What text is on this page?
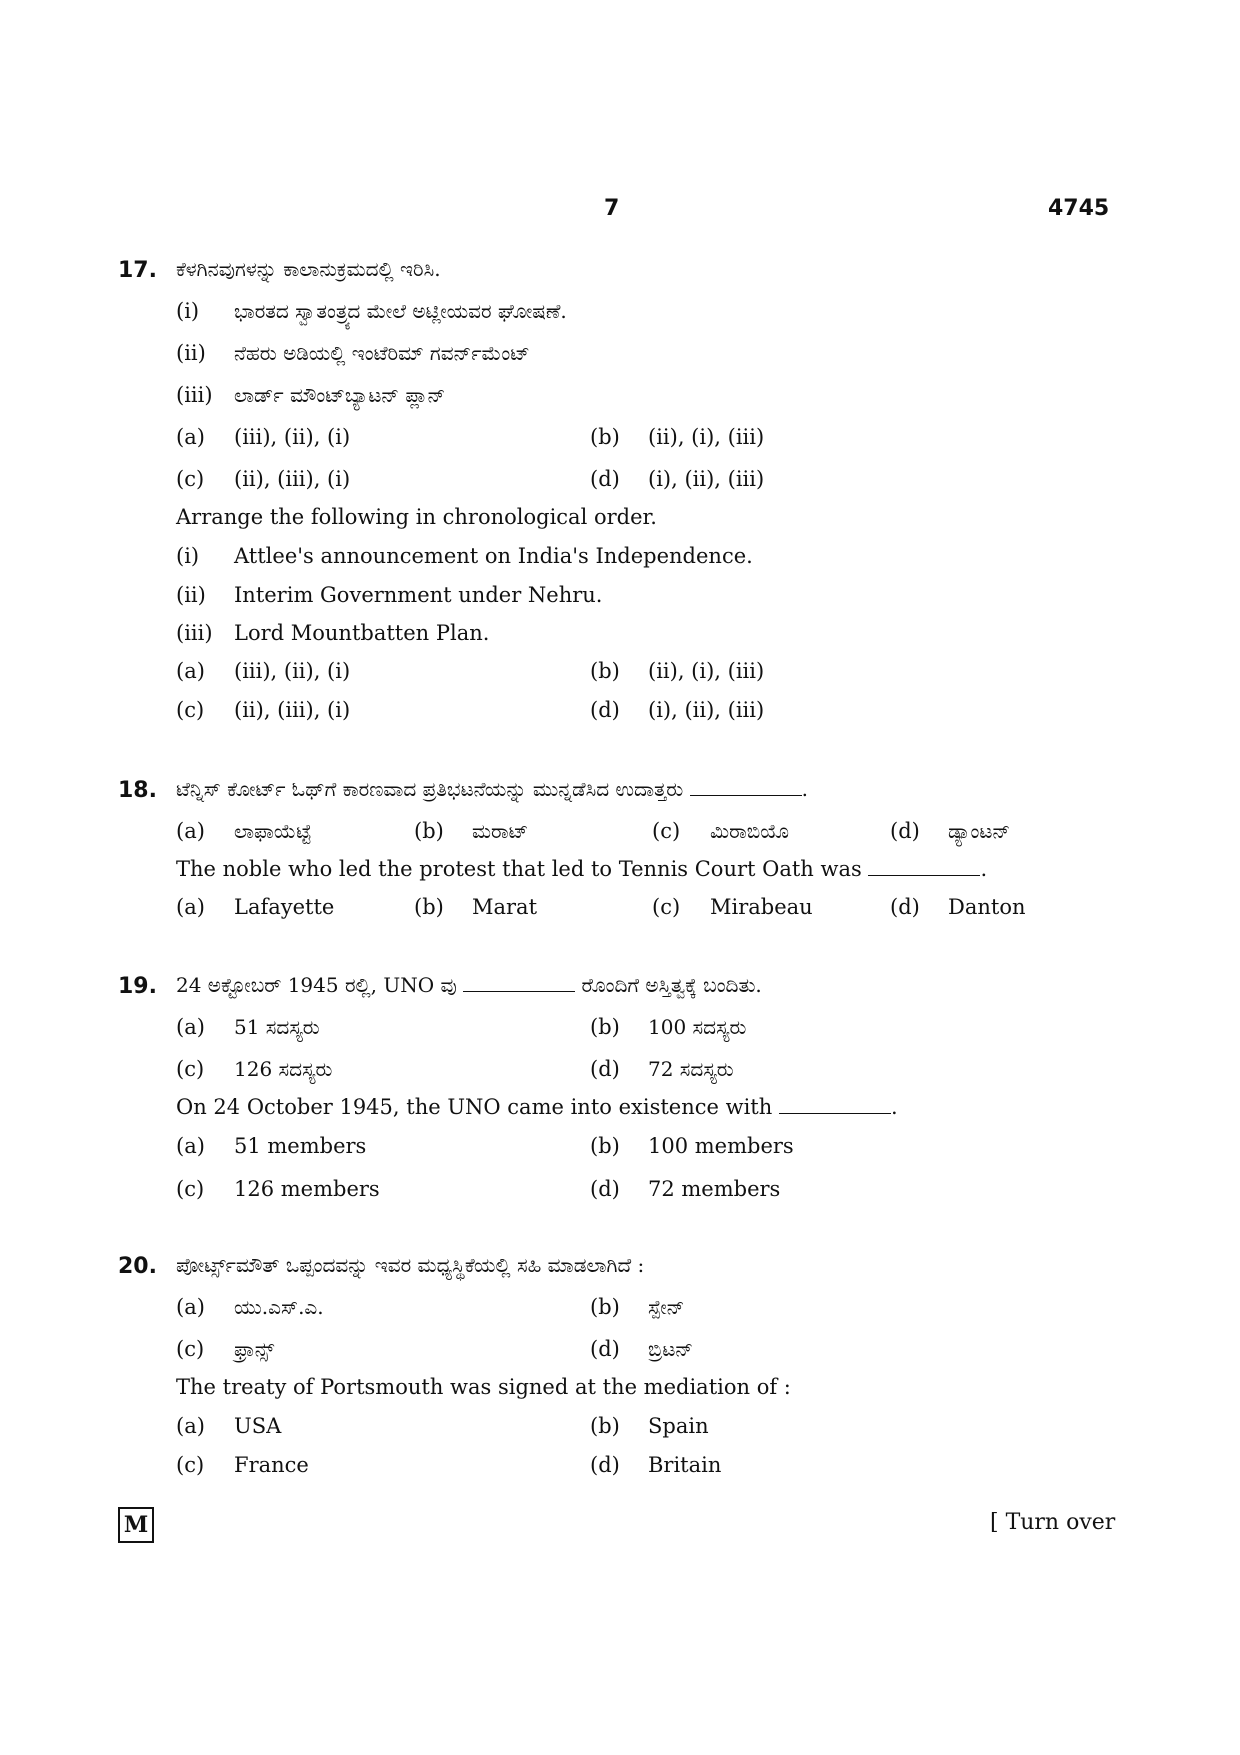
7	4745
17. ಕೆಳಗಿನವುಗಳನ್ನು ಕಾಲಾನುಕ್ರಮದಲ್ಲಿ ಇರಿಸಿ.
(i) ಭಾರತದ ಸ್ವಾತಂತ್ರ್ಯದ ಮೇಲೆ ಅಟ್ಲೀಯವರ ಘೋಷಣೆ.
(ii) ನೆಹರು ಅಡಿಯಲ್ಲಿ ಇಂಟೆರಿಮ್ ಗವರ್ನ್‌ಮೆಂಟ್
(iii) ಲಾರ್ಡ್ ಮೌಂಟ್‌ಬ್ಯಾಟನ್ ಪ್ಲಾನ್
(a) (iii), (ii), (i)	(b) (ii), (i), (iii)
(c) (ii), (iii), (i)	(d) (i), (ii), (iii)
Arrange the following in chronological order.
(i) Attlee's announcement on India's Independence.
(ii) Interim Government under Nehru.
(iii) Lord Mountbatten Plan.
(a) (iii), (ii), (i)	(b) (ii), (i), (iii)
(c) (ii), (iii), (i)	(d) (i), (ii), (iii)
18. ಟೆನ್ನಿಸ್ ಕೋರ್ಟ್ ಓಥ್‌ಗೆ ಕಾರಣವಾದ ಪ್ರತಿಭಟನೆಯನ್ನು ಮುನ್ನಡೆಸಿದ ಉದಾತ್ತರು	.
(a) ಲಾಫಾಯೆಟ್ಟೆ	(b) ಮರಾಟ್	(c) ಮಿರಾಬಿಯೊ	(d) ಡ್ಯಾಂಟನ್
The noble who led the protest that led to Tennis Court Oath was	.
(a) Lafayette	(b) Marat	(c) Mirabeau	(d) Danton
19. 24 ಅಕ್ಟೋಬರ್ 1945 ರಲ್ಲಿ, UNO ವು	ರೊಂದಿಗೆ ಅಸ್ತಿತ್ವಕ್ಕೆ ಬಂದಿತು.
(a) 51 ಸದಸ್ಯರು	(b) 100 ಸದಸ್ಯರು
(c) 126 ಸದಸ್ಯರು	(d) 72 ಸದಸ್ಯರು
On 24 October 1945, the UNO came into existence with	.
(a) 51 members	(b) 100 members
(c) 126 members	(d) 72 members
20. ಪೋರ್ಟ್ಸ್‌ಮೌತ್ ಒಪ್ಪಂದವನ್ನು ಇವರ ಮಧ್ಯಸ್ಥಿಕೆಯಲ್ಲಿ ಸಹಿ ಮಾಡಲಾಗಿದೆ :
(a) ಯು.ಎಸ್.ಎ.	(b) ಸ್ಪೇನ್
(c) ಫ್ರಾನ್ಸ್	(d) ಬ್ರಿಟನ್
The treaty of Portsmouth was signed at the mediation of :
(a) USA	(b) Spain
(c) France	(d) Britain
M	[ Turn over
